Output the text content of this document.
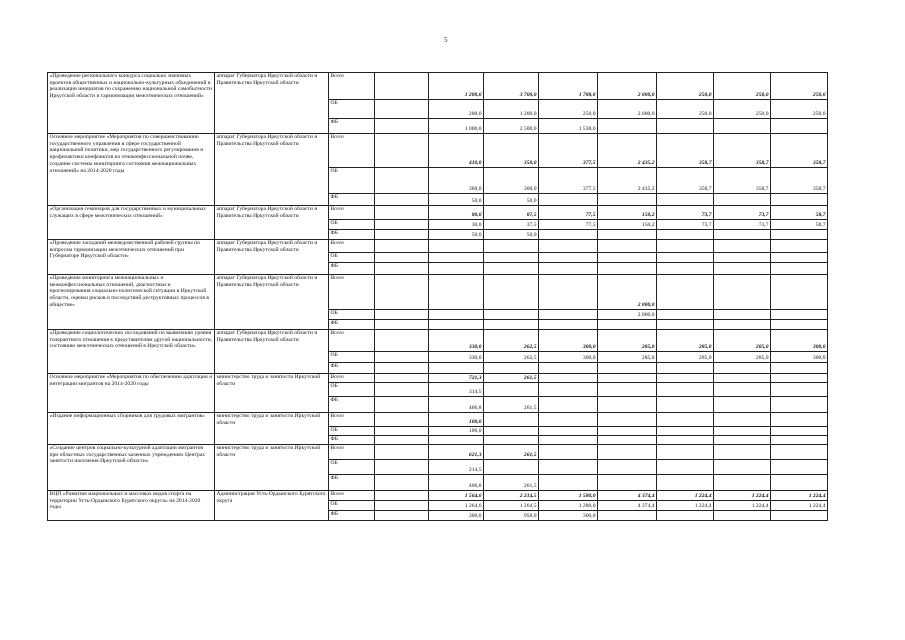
5
«Проведение регионального конкурса социально значимых проектов общественных и национально-культурных объединений в реализации инициатив по сохранению национальной самобытности Иркутской области и гармонизации межэтнических отношений»	аппарат Губернатора Иркутской области и Правительства Иркутской области	Всего		1 200,0	3 700,0	1 788,0	2 000,0	250,0	250,0	250,0
		ОБ		200,0	1 200,0	250,0	2 000,0	250,0	250,0	250,0
		ФБ		1 000,0	2 500,0	1 538,0				
Основное мероприятие «Мероприятия по совершенствованию государственного управления в сфере государственной национальной политики, мер государственного регулирования и профилактики конфликтов на этноконфессиональной почве, создание системы мониторинга состояния межнациональных отношений» на 2014-2020 годы	аппарат Губернатора Иркутской области и Правительства Иркутской области	Всего		410,0	350,0	377,5	2 435,2	358,7	358,7	358,7
		ОБ		360,0	300,0	377,5	2 435,2	358,7	358,7	358,7
		ФБ		50,0	50,0					
«Организация семинаров для государственных и муниципальных служащих в сфере межэтнических отношений»	аппарат Губернатора Иркутской области и Правительства Иркутской области	Всего		80,0	87,5	77,5	150,2	73,7	73,7	58,7
		ОБ		30,0	37,5	77,5	150,2	73,7	73,7	58,7
		ФБ		50,0	50,0					
«Проведение заседаний межведомственной рабочей группы по вопросам гармонизации межэтнических отношений при Губернаторе Иркутской области»	аппарат Губернатора Иркутской области и Правительства Иркутской области	Всего								
		ОБ								
		ФБ								
«Проведение мониторинга межнациональных и межконфессиональных отношений, диагностики и прогнозирования социально-политической ситуации в Иркутской области, оценки рисков и последствий деструктивных процессов в обществе»	аппарат Губернатора Иркутской области и Правительства Иркутской области	Всего					2 000,0			
		ОБ					2 000,0			
		ФБ								
«Проведение социологических исследований по выявлению уровня толерантного отношения к представителям другой национальности, состоянию межэтнических отношений в Иркутской области»	аппарат Губернатора Иркутской области и Правительства Иркутской области	Всего		330,0	262,5	300,0	285,0	285,0	285,0	300,0
		ОБ		330,0	262,5	300,0	285,0	285,0	285,0	300,0
		ФБ								
Основное мероприятие «Мероприятия по обеспечению адаптации и интеграции мигрантов на 2014-2020 годы	министерство труда и занятости Иркутской области	Всего		721,3	261,5					
		ОБ		314,5						
		ФБ		406,8	261,5					
«Издание информационных сборников для трудовых мигрантов»	министерство труда и занятости Иркутской области	Всего		100,0						
		ОБ		100,0						
		ФБ								
«Создание центров социально-культурной адаптации мигрантов при областных государственных казенных учреждениях Центрах занятости населения Иркутской области»	министерство труда и занятости Иркутской области	Всего		621,3	261,5					
		ОБ		214,5						
		ФБ		406,8	261,5					
ВЦП «Развитие национальных и массовых видов спорта на территории Усть-Ордынского Бурятского округа» на 2014-2020 годы	Администрация Усть-Ордынского Бурятского округа	Всего		1 564,6	2 214,5	1 580,0	4 374,4	1 224,4	1 224,4	1 224,4
		ОБ		1 264,6	1 264,5	1 280,0	4 374,4	1 224,4	1 224,4	1 224,4
		ФБ		300,0	950,0	300,0				
